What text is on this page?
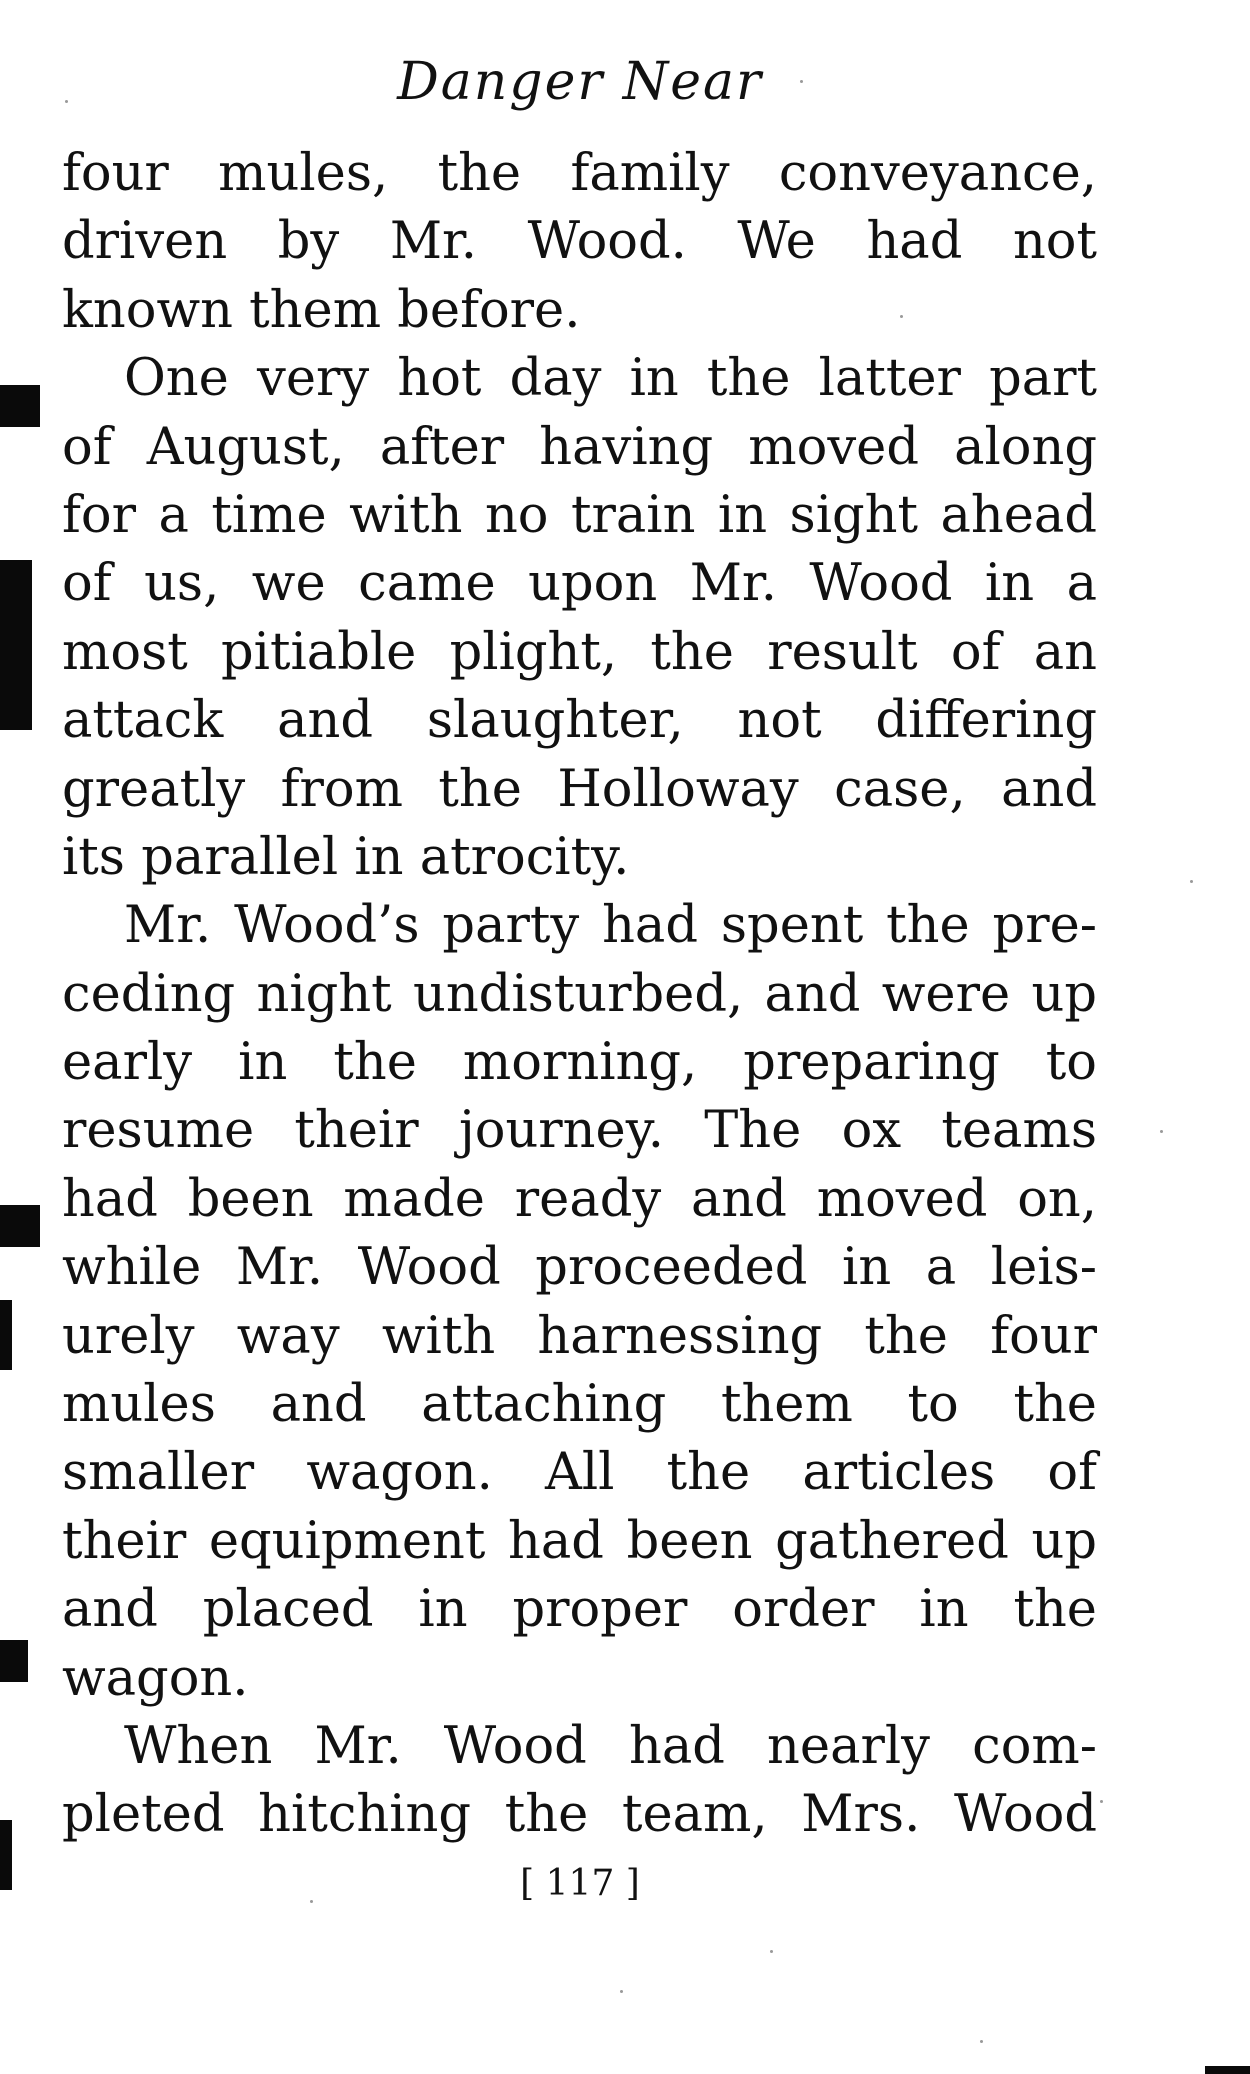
Danger Near
four mules, the family conveyance,
driven by Mr. Wood. We had not
known them before.
One very hot day in the latter part
of August, after having moved along
for a time with no train in sight ahead
of us, we came upon Mr. Wood in a
most pitiable plight, the result of an
attack and slaughter, not differing
greatly from the Holloway case, and
its parallel in atrocity.
Mr. Wood’s party had spent the pre-
ceding night undisturbed, and were up
early in the morning, preparing to
resume their journey. The ox teams
had been made ready and moved on,
while Mr. Wood proceeded in a leis-
urely way with harnessing the four
mules and attaching them to the
smaller wagon. All the articles of
their equipment had been gathered up
and placed in proper order in the
wagon.
When Mr. Wood had nearly com-
pleted hitching the team, Mrs. Wood
[ 117 ]
